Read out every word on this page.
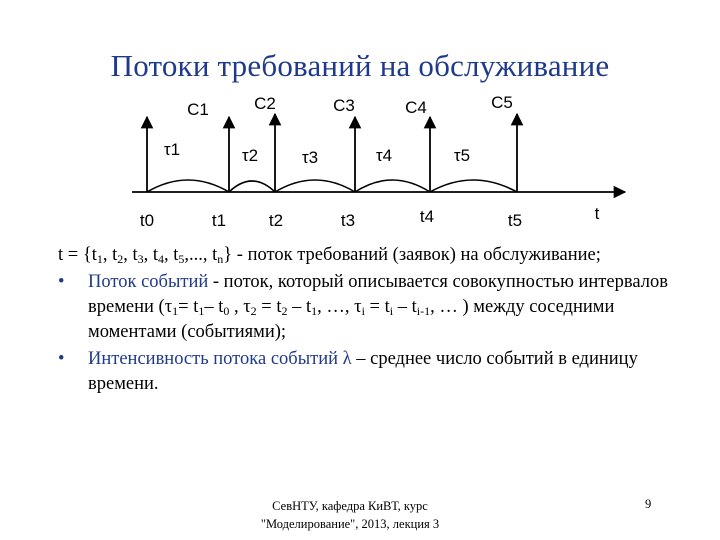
Потоки требований на обслуживание
C1	C2	C3	C4	C5
τ1	τ2	τ3	τ4	τ5
t0	t1	t2	t3	t4	t5	t

$t = \{t_1$, $t_2$, $t_3$, $t_4$, $t_5$,..., $t_n$} - поток требований (заявок) на обслуживание;

• Поток событий - поток, который описывается совокупностью интервалов времени ($\tau_1= t_1-$ $t_0$ , $\tau_2 = t_2 - t_1$, …, $\tau_i = t_i - t_{i-1}$, … ) между соседними моментами (событиями);

• Интенсивность потока событий λ – среднее число событий в единицу времени.

СевНТУ, кафедра КиВТ, курс
"Моделирование", 2013, лекция 3
9
